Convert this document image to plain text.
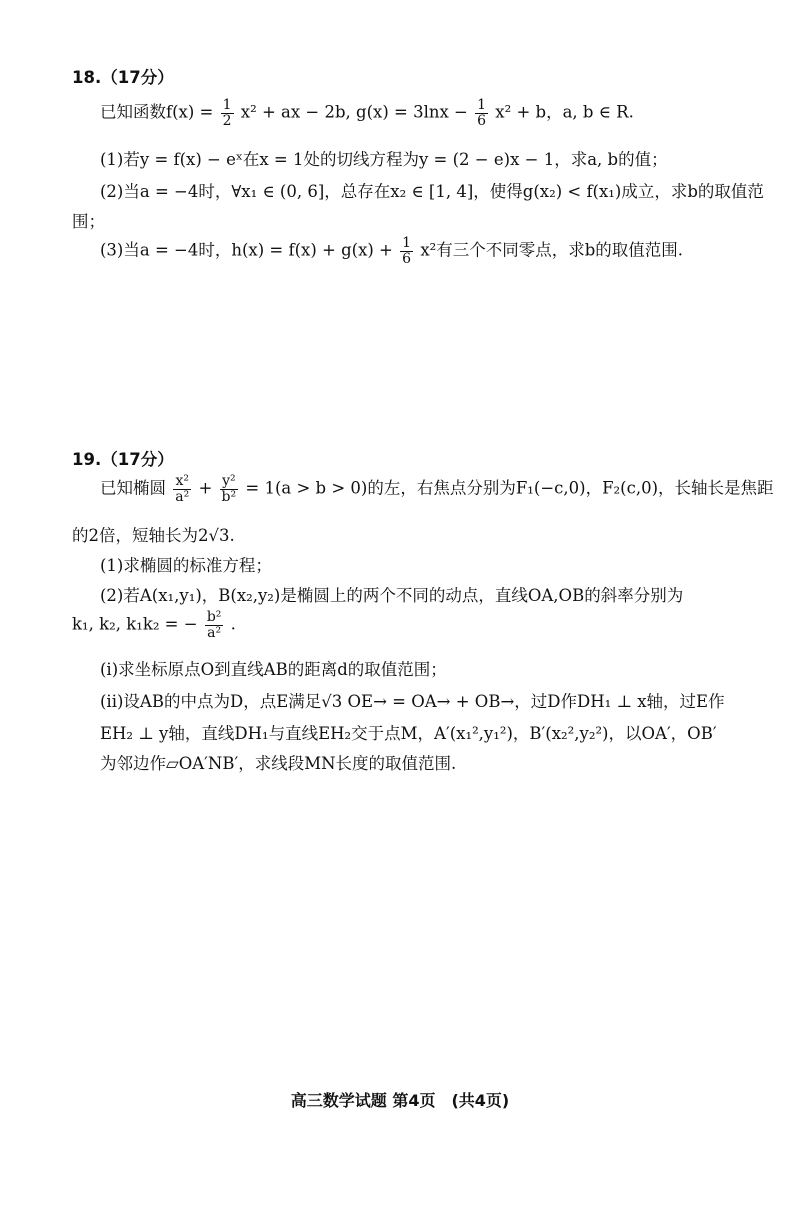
18.（17分）
已知函数$f(x) = \frac{1}{2} x^2$ + ax − 2b, $g(x) = 3\ln x - \frac{1}{6} x^2 + b$，a, b ∈ R.
(1)若y = f(x) − eˣ在x = 1处的切线方程为y = (2 − e)x − 1，求a, b的值；
(2)当a = −4时，∀x₁ ∈ (0, 6]，总存在x₂ ∈ [1, 4]，使得g(x₂) < f(x₁)成立，求b的取值范
围；
(3)当a = −4时，$h(x) = f(x) + g(x) + \frac{1}{6} x^2$有三个不同零点，求b的取值范围.
19.（17分）
已知椭圆 $\frac{\text{x²}}{\text{a²}} + \frac{\text{y²}}{\text{b²}} = 1(a > b > 0)$的左，右焦点分别为F₁(−c,0)，F₂(c,0)，长轴长是焦距
的2倍，短轴长为2√3.
(1)求椭圆的标准方程；
(2)若A(x₁,y₁)，B(x₂,y₂)是椭圆上的两个不同的动点，直线OA,OB的斜率分别为
k₁, k₂, k₁k₂ = − $\frac{\text{b²}}{\text{a²}}$ .
(i)求坐标原点O到直线AB的距离d的取值范围；
(ii)设AB的中点为D，点E满足√3 OE→ = OA→ + OB→，过D作DH₁ ⊥ x轴，过E作
EH₂ ⊥ y轴，直线DH₁与直线EH₂交于点M，A′(x₁²,y₁²)，B′(x₂²,y₂²)，以OA′，OB′
为邻边作▱OA′NB′，求线段MN长度的取值范围.
高三数学试题 第4页　(共4页)
